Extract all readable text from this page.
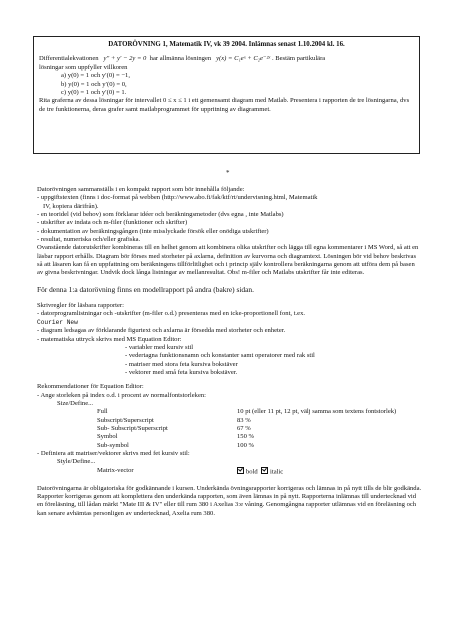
DATORÖVNING 1, Matematik IV, vk 39 2004. Inlämnas senast 1.10.2004 kl. 16.
Differentialekvationen y″ + y′ − 2y = 0 har allmänna lösningen y(x) = C₁eˣ + C₂e⁻²ˣ . Bestäm partikulära
lösningar som uppfyller villkoren
a) y(0) = 1 och y′(0) = −1,
b) y(0) = 1 och y′(0) = 0,
c) y(0) = 1 och y′(0) = 1.
Rita graferna av dessa lösningar för intervallet 0 ≤ x ≤ 1 i ett gemensamt diagram med Matlab. Presentera i rapporten de tre lösningarna, dvs de tre funktionerna, deras grafer samt matlabprogrammet för uppritning av diagrammet.
*

Datorövningen sammanställs i en kompakt rapport som bör innehålla följande:

- uppgiftstexten (finns i doc-format på webben (http://www.abo.fi/fak/ktf/rt/undervisning.html, Matematik

IV, kopiera därifrån).

- en teoridel (vid behov) som förklarar idéer och beräkningsmetoder (dvs egna , inte Matlabs)

- utskrifter av indata och m-filer (funktioner och skrifter)

- dokumentation av beräkningsgången (inte misslyckade försök eller onödiga utskrifter)

- resultat, numeriska och/eller grafiska.

Ovanstående datorutskrifter kombineras till en helhet genom att kombinera olika utskrifter och lägga till egna kommentarer i MS Word, så att en läsbar rapport erhålls. Diagram bör förses med storheter på axlarna, definition av kurvorna och diagramtext. Lösningen bör vid behov beskrivas så att läsaren kan få en uppfattning om beräkningens tillförlitlighet och i princip själv kontrollera beräkningarna genom att utföra dem på basen av givna beskrivningar. Undvik dock långa listningar av mellanresultat. Obs! m-filer och Matlabs utskrifter får inte editeras.

För denna 1:a datorövning finns en modellrapport på andra (bakre) sidan.

Skrivregler för läsbara rapporter:

- datorprogramlistningar och -utskrifter (m-filer o.d.) presenteras med en icke-proportionell font, t.ex.

Courier New

- diagram ledsagas av förklarande figurtext och axlarna är försedda med storheter och enheter.

- matematiska uttryck skrivs med MS Equation Editor:

- variabler med kursiv stil

- vedertagna funktionsnamn och konstanter samt operatorer med rak stil

- matriser med stora feta kursiva bokstäver

- vektorer med små feta kursiva bokstäver.

Rekommendationer för Equation Editor:

- Ange storleken på index o.d. i procent av normalfontstorleken:

Size/Define...

Full	10 pt (eller 11 pt, 12 pt, välj samma som textens fontstorlek)
Subscript/Superscript	83 %
Sub- Subscript/Superscript	67 %
Symbol	150 %
Sub-symbol	100 %

- Definiera att matriser/vektorer skrivs med fet kursiv stil:

Style/Define...

Matrix-vector	bold italic

Datorövningarna är obligatoriska för godkännande i kursen. Underkända övningsrapporter korrigeras och lämnas in på nytt tills de blir godkända. Rapporter korrigeras genom att komplettera den underkända rapporten, som även lämnas in på nytt. Rapporterna inlämnas till undertecknad vid en föreläsning, till lådan märkt "Mate III & IV" eller till rum 380 i Axelias 3:e våning. Genomgångna rapporter utlämnas vid en föreläsning och kan senare avhämtas personligen av undertecknad, Axelia rum 380.
